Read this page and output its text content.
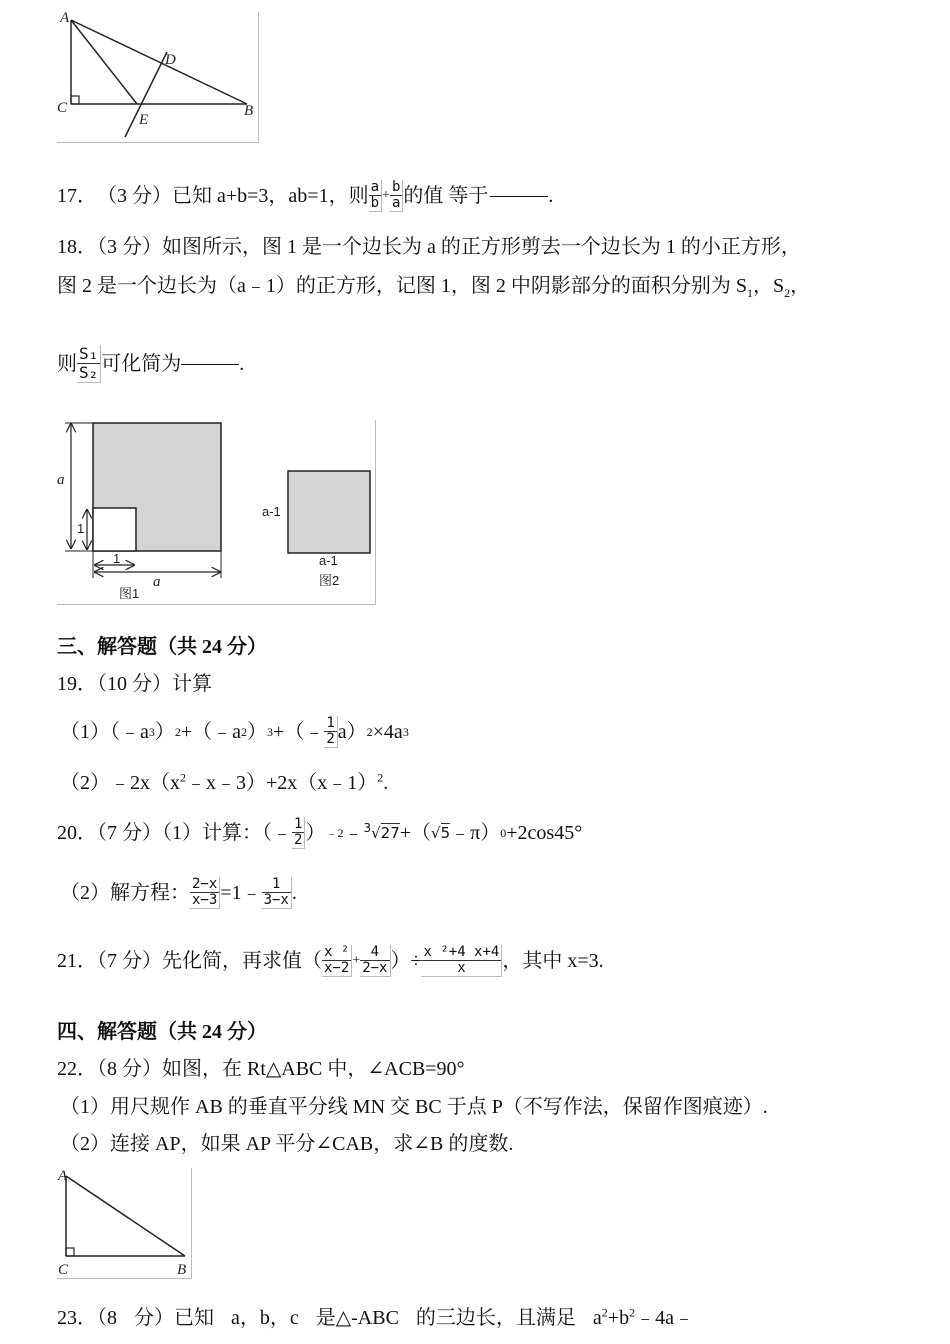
A
D
C
E
B
17． （3 分）已知 a+b=3，ab=1，则 $\frac{a}{b} + \frac{b}{a}$ 的值 等于	.
18．（3 分）如图所示，图 1 是一个边长为 a 的正方形剪去一个边长为 1 的小正方形，
图 2 是一个边长为（a﹣1）的正方形，记图 1，图 2 中阴影部分的面积分别为 $S_1$，$S_2$，
则 $\frac{\text{S₁}}{\text{S₂}}$ 可化简为	.
a
1
1
a
图1
a-1
a-1
图2
三、解答题（共 24 分）
19．（10 分）计算
（1）（﹣a 3 ） 2 +（﹣a 2 ） 3 +（﹣ $\frac{1}{2} a$） 2 ×4a 3
$(2)﹣2x(x^2﹣x﹣3)+2x(x﹣1)^2$.
20．（7 分）（1）计算：（﹣ $\frac{1}{2}$ ） ﹣2 ﹣ $^3$√27 +（ √5 ﹣π） 0 +2cos45°
（2）解方程： $\frac{2-x}{x-3}$ =1﹣ $\frac{1}{3-x}$ .
21．（7 分）先化简，再求值（ $\frac{\text{x ²}}{x-2} + \frac{4}{2-x}$ ）÷ $\frac{\text{x ²+4 x+4}}{x}$ ，其中 x=3.
四、解答题（共 24 分）
22．（8 分）如图，在 Rt△ABC 中，∠ACB=90°
（1）用尺规作 AB 的垂直平分线 MN 交 BC 于点 P（不写作法，保留作图痕迹）.
（2）连接 AP，如果 AP 平分∠CAB，求∠B 的度数.
A
C	B
23．（8 分）已知 a，b，c 是△-ABC 的三边长，且满足 $a^2+b^2﹣4a﹣$
